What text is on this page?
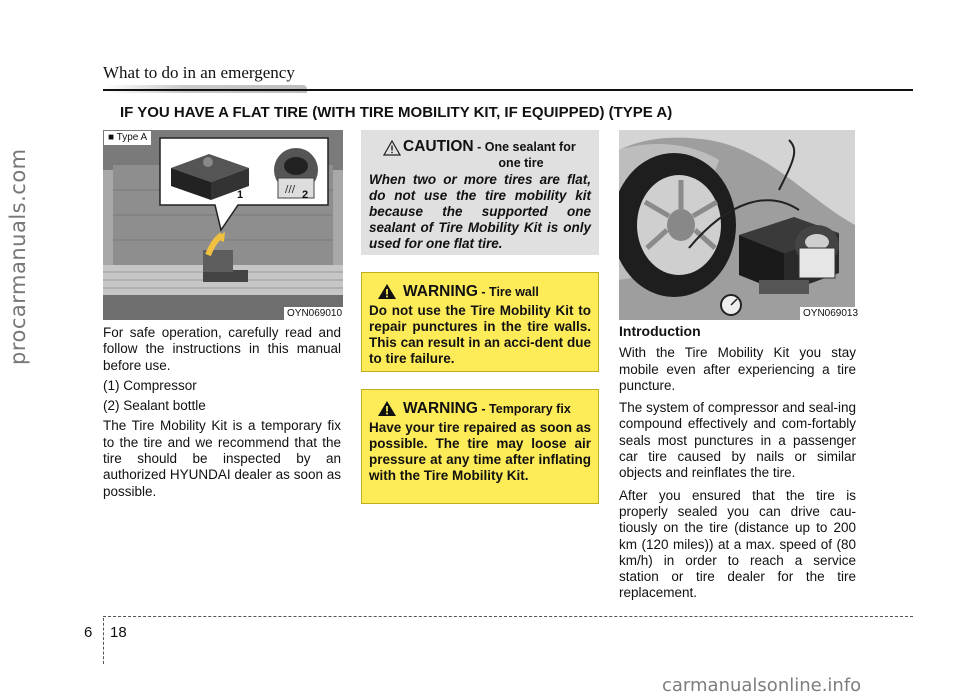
procarmanuals.com
What to do in an emergency
IF YOU HAVE A FLAT TIRE (WITH TIRE MOBILITY KIT, IF EQUIPPED) (TYPE A)
///
1	2
■ Type A
OYN069010

For safe operation, carefully read and follow the instructions in this manual before use.

(1) Compressor

(2) Sealant bottle

The Tire Mobility Kit is a temporary fix to the tire and we recommend that the tire should be inspected by an authorized HYUNDAI dealer as soon as possible.

CAUTION - One sealant for
one tire
When two or more tires are flat, do not use the tire mobility kit because the supported one sealant of Tire Mobility Kit is only used for one flat tire.
WARNING - Tire wall
Do not use the Tire Mobility Kit to repair punctures in the tire walls. This can result in an acci-dent due to tire failure.
WARNING - Temporary fix
Have your tire repaired as soon as possible. The tire may loose air pressure at any time after inflating with the Tire Mobility Kit.
OYN069013
Introduction

With the Tire Mobility Kit you stay mobile even after experiencing a tire puncture.

The system of compressor and seal-ing compound effectively and com-fortably seals most punctures in a passenger car tire caused by nails or similar objects and reinflates the tire.

After you ensured that the tire is properly sealed you can drive cau-tiously on the tire (distance up to 200 km (120 miles)) at a max. speed of (80 km/h) in order to reach a service station or tire dealer for the tire replacement.

6 18
carmanualsonline.info
